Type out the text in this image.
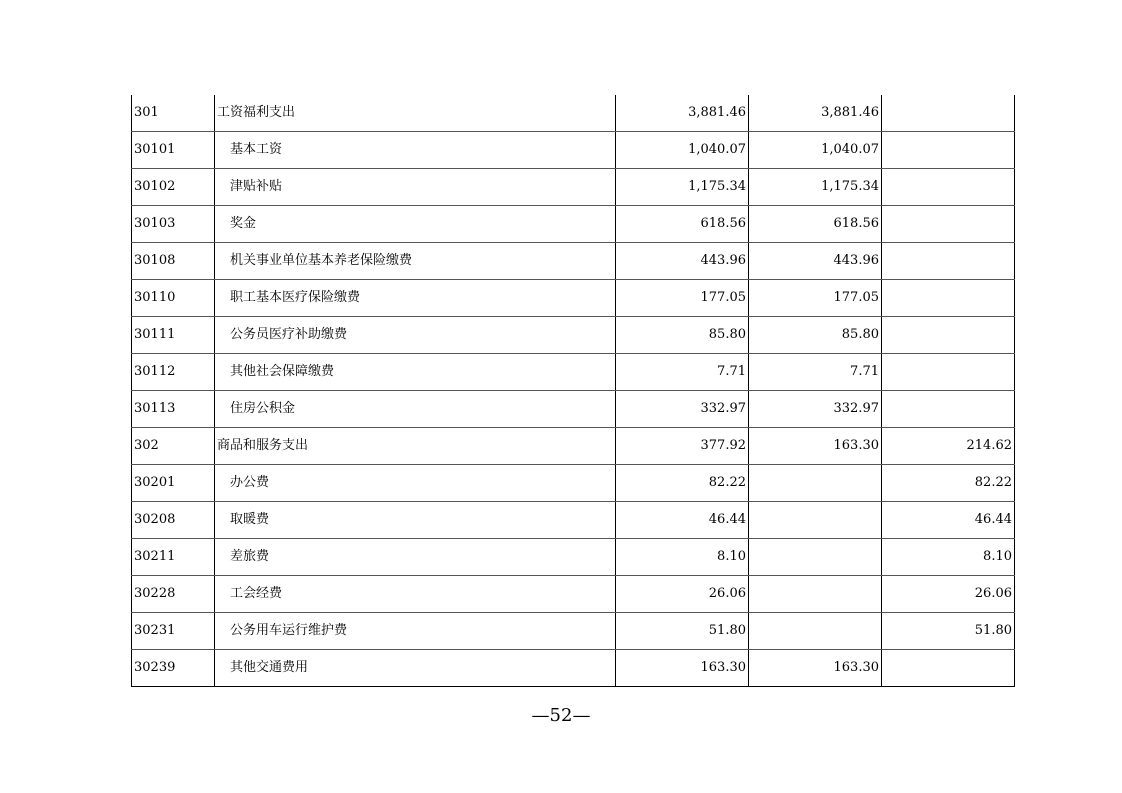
301	工资福利支出	3,881.46	3,881.46	
30101	基本工资	1,040.07	1,040.07	
30102	津贴补贴	1,175.34	1,175.34	
30103	奖金	618.56	618.56	
30108	机关事业单位基本养老保险缴费	443.96	443.96	
30110	职工基本医疗保险缴费	177.05	177.05	
30111	公务员医疗补助缴费	85.80	85.80	
30112	其他社会保障缴费	7.71	7.71	
30113	住房公积金	332.97	332.97	
302	商品和服务支出	377.92	163.30	214.62
30201	办公费	82.22		82.22
30208	取暖费	46.44		46.44
30211	差旅费	8.10		8.10
30228	工会经费	26.06		26.06
30231	公务用车运行维护费	51.80		51.80
30239	其他交通费用	163.30	163.30	
—52—
